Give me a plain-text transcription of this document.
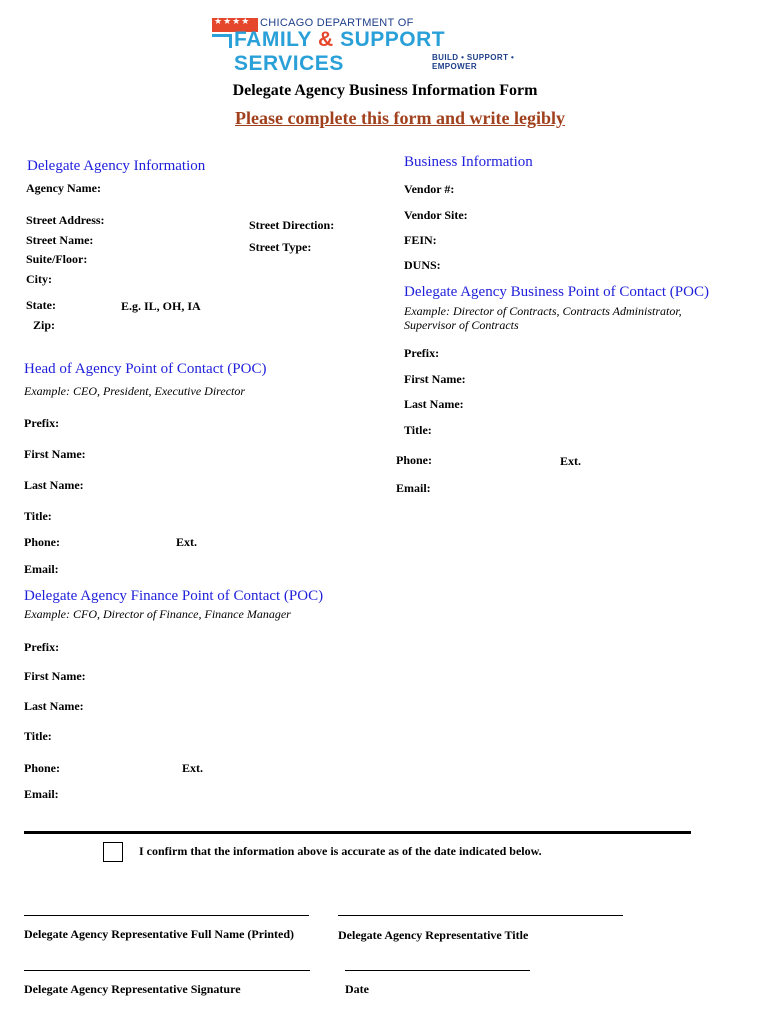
★★★★ CHICAGO DEPARTMENT OF
FAMILY & SUPPORT SERVICES	BUILD • SUPPORT • EMPOWER
Delegate Agency Business Information Form
Please complete this form and write legibly
Delegate Agency Information
Agency Name:
Street Address:	Street Direction:
Street Name:	Street Type:
Suite/Floor:
City:
State:	E.g. IL, OH, IA
Zip:
Business Information
Vendor #:
Vendor Site:
FEIN:
DUNS:
Delegate Agency Business Point of Contact (POC)
Example: Director of Contracts, Contracts Administrator,
Supervisor of Contracts
Prefix:
First Name:
Last Name:
Title:
Phone:	Ext.
Email:
Head of Agency Point of Contact (POC)
Example: CEO, President, Executive Director
Prefix:
First Name:
Last Name:
Title:
Phone:	Ext.
Email:
Delegate Agency Finance Point of Contact (POC)
Example: CFO, Director of Finance, Finance Manager
Prefix:
First Name:
Last Name:
Title:
Phone:	Ext.
Email:
I confirm that the information above is accurate as of the date indicated below.
Delegate Agency Representative Full Name (Printed)	Delegate Agency Representative Title
Delegate Agency Representative Signature	Date
